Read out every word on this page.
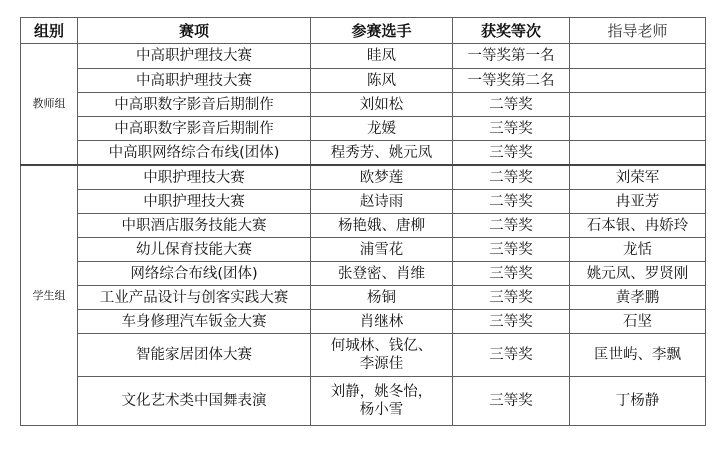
组别	赛项	参赛选手	获奖等次	指导老师
教师组	中高职护理技大赛	眭凤	一等奖第一名	
	中高职护理技大赛	陈风	一等奖第二名	
	中高职数字影音后期制作	刘如松	二等奖	
	中高职数字影音后期制作	龙媛	三等奖	
	中高职网络综合布线(团体)	程秀芳、姚元凤	三等奖	
学生组	中职护理技大赛	欧梦莲	二等奖	刘荣军
	中职护理技大赛	赵诗雨	二等奖	冉亚芳
	中职酒店服务技能大赛	杨艳娥、唐柳	二等奖	石本银、冉娇玲
	幼儿保育技能大赛	浦雪花	三等奖	龙恬
	网络综合布线(团体)	张登密、肖维	三等奖	姚元凤、罗贤刚
	工业产品设计与创客实践大赛	杨铜	三等奖	黄孝鹏
	车身修理汽车钣金大赛	肖继林	三等奖	石坚
	智能家居团体大赛	何城林、钱亿、
李源佳	三等奖	匡世屿、李飘
	文化艺术类中国舞表演	刘静，姚冬怡，
杨小雪	三等奖	丁杨静
